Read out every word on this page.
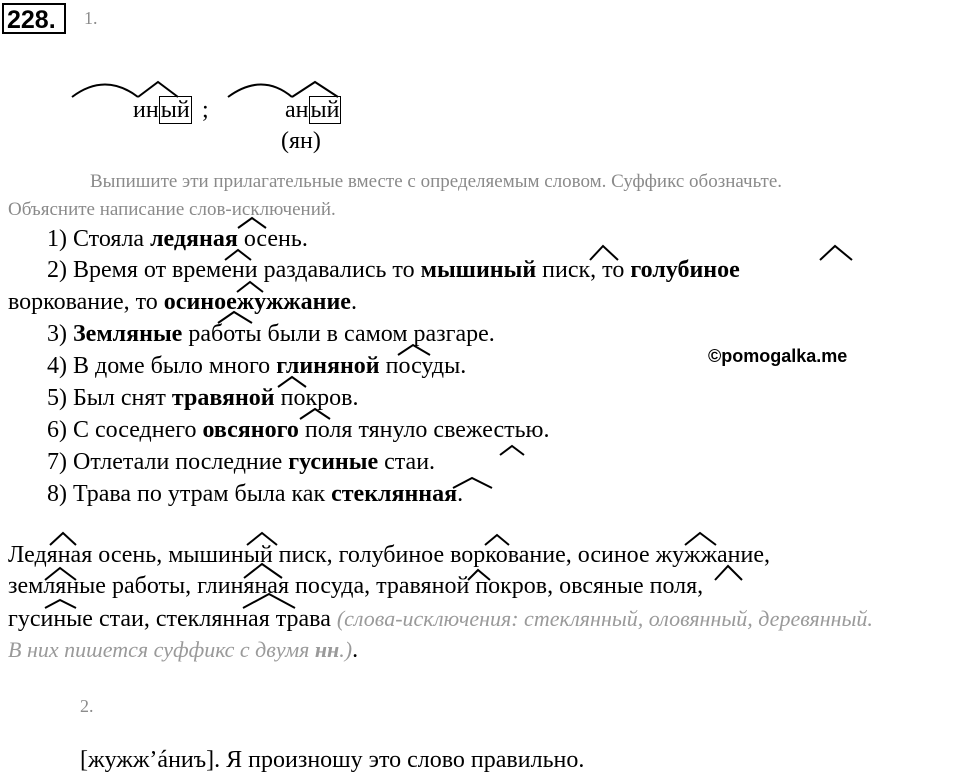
228.	1.
иный ;	аный
(ян)
Выпишите эти прилагательные вместе с определяемым словом. Суффикс обозначьте.
Объясните написание слов-исключений.
1) Стояла ледяная осень.
2) Время от времени раздавались то мышиный писк, то голубиное
воркование, то осиноежужжание.
3) Земляные работы были в самом разгаре.
4) В доме было много глиняной посуды.
5) Был снят травяной покров.
6) С соседнего овсяного поля тянуло свежестью.
7) Отлетали последние гусиные стаи.
8) Трава по утрам была как стеклянная.
©pomogalka.me
Ледяная осень, мышиный писк, голубиное воркование, осиное жужжание,
земляные работы, глиняная посуда, травяной покров, овсяные поля,
гусиные стаи, стеклянная трава (слова-исключения: стеклянный, оловянный, деревянный.
В них пишется суффикс с двумя нн.).
2.
[жужж’áниъ]. Я произношу это слово правильно.
